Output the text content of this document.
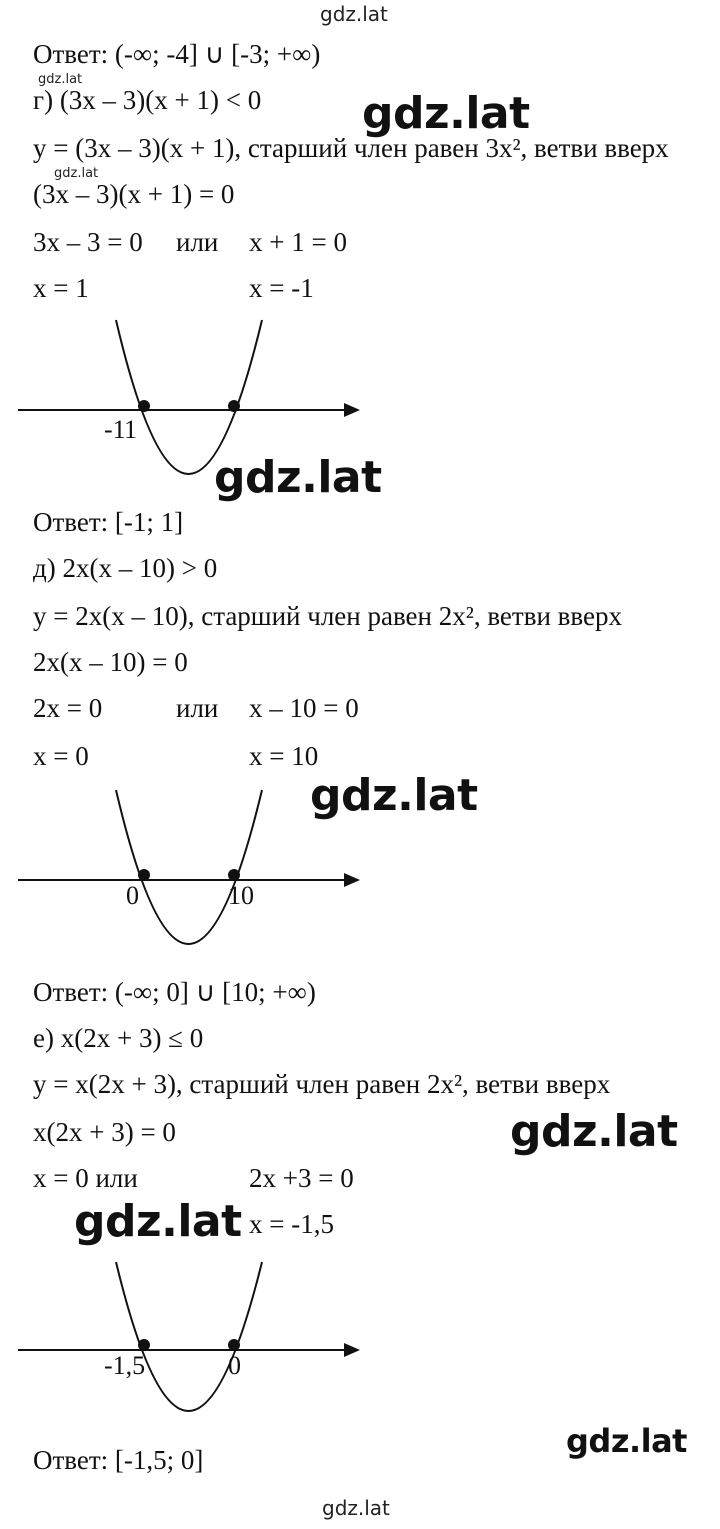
gdz.lat
Ответ: (-∞; -4] ∪ [-3; +∞)
gdz.lat
г) (3x – 3)(x + 1) < 0 gdz.lat
y = (3x – 3)(x + 1), старший член равен 3x², ветви вверх
gdz.lat
(3x – 3)(x + 1) = 0
3x – 3 = 0 или x + 1 = 0
x = 1	x = -1
-1
1
gdz.lat
Ответ: [-1; 1]
д) 2x(x – 10) > 0
y = 2x(x – 10), старший член равен 2x², ветви вверх
2x(x – 10) = 0
2x = 0	или x – 10 = 0
x = 0	x = 10
gdz.lat
0	10
Ответ: (-∞; 0] ∪ [10; +∞)
е) x(2x + 3) ≤ 0
y = x(2x + 3), старший член равен 2x², ветви вверх
x(2x + 3) = 0	gdz.lat
x = 0 или	2x +3 = 0
gdz.lat x = -1,5
-1,5	0
gdz.lat
Ответ: [-1,5; 0]
gdz.lat
